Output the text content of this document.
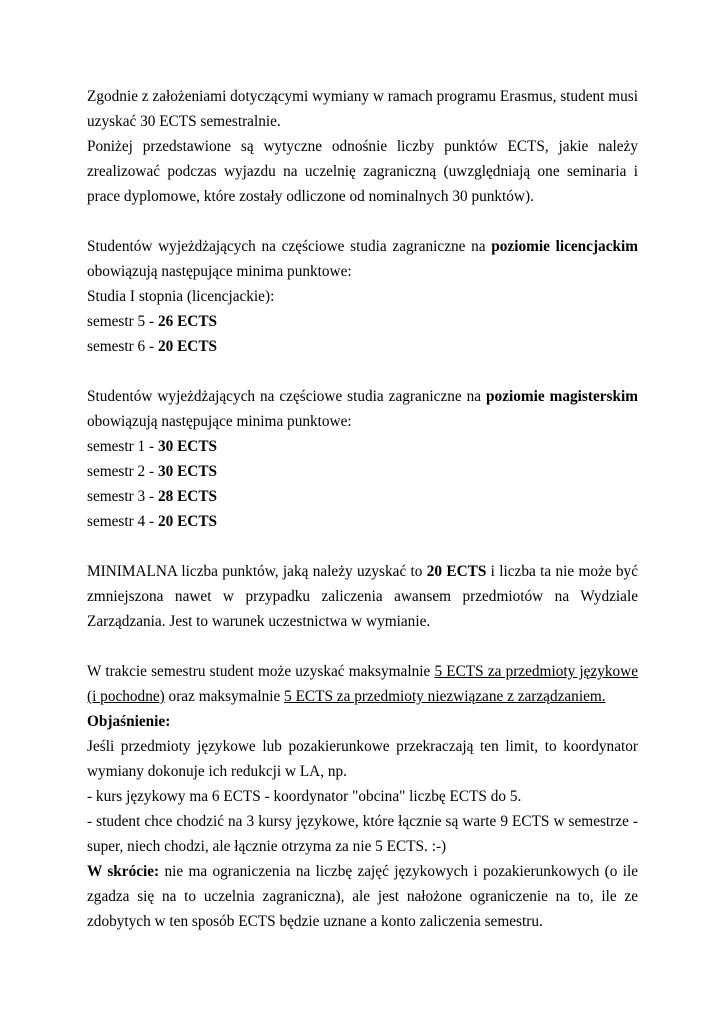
Zgodnie z założeniami dotyczącymi wymiany w ramach programu Erasmus, student musi uzyskać 30 ECTS semestralnie.
Poniżej przedstawione są wytyczne odnośnie liczby punktów ECTS, jakie należy zrealizować podczas wyjazdu na uczelnię zagraniczną (uwzględniają one seminaria i prace dyplomowe, które zostały odliczone od nominalnych 30 punktów).

Studentów wyjeżdżających na częściowe studia zagraniczne na poziomie licencjackim obowiązują następujące minima punktowe:

Studia I stopnia (licencjackie):
semestr 5 - 26 ECTS
semestr 6 - 20 ECTS

Studentów wyjeżdżających na częściowe studia zagraniczne na poziomie magisterskim obowiązują następujące minima punktowe:

semestr 1 - 30 ECTS
semestr 2 - 30 ECTS
semestr 3 - 28 ECTS
semestr 4 - 20 ECTS

MINIMALNA liczba punktów, jaką należy uzyskać to 20 ECTS i liczba ta nie może być zmniejszona nawet w przypadku zaliczenia awansem przedmiotów na Wydziale Zarządzania. Jest to warunek uczestnictwa w wymianie.

W trakcie semestru student może uzyskać maksymalnie 5 ECTS za przedmioty językowe (i pochodne) oraz maksymalnie 5 ECTS za przedmioty niezwiązane z zarządzaniem.

Objaśnienie:

Jeśli przedmioty językowe lub pozakierunkowe przekraczają ten limit, to koordynator wymiany dokonuje ich redukcji w LA, np.

- kurs językowy ma 6 ECTS - koordynator "obcina" liczbę ECTS do 5.

- student chce chodzić na 3 kursy językowe, które łącznie są warte 9 ECTS w semestrze - super, niech chodzi, ale łącznie otrzyma za nie 5 ECTS. :-)

W skrócie: nie ma ograniczenia na liczbę zajęć językowych i pozakierunkowych (o ile zgadza się na to uczelnia zagraniczna), ale jest nałożone ograniczenie na to, ile ze zdobytych w ten sposób ECTS będzie uznane a konto zaliczenia semestru.
